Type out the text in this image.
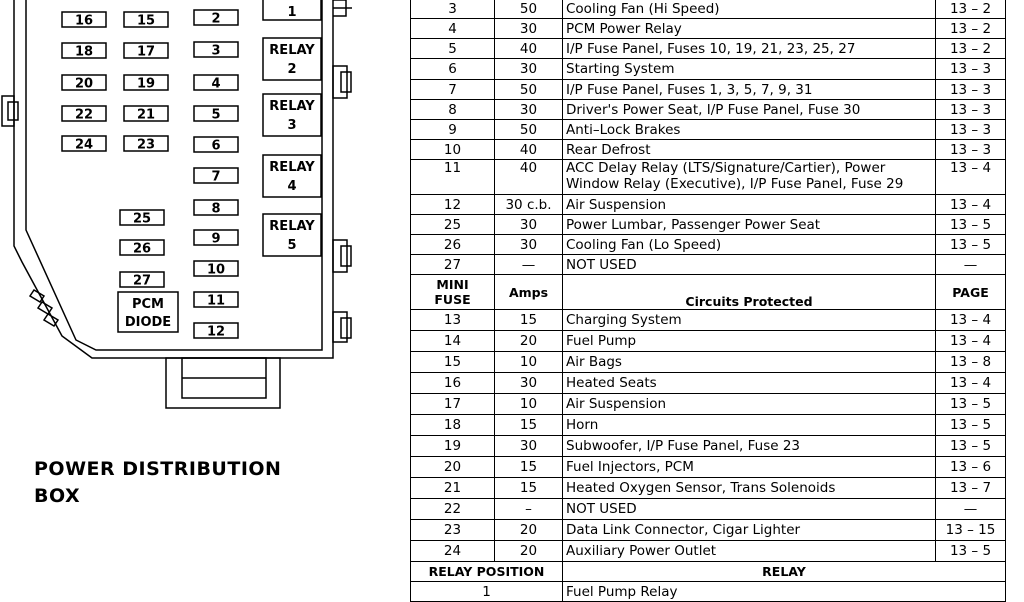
16	15	2
18	17	3
20	19	4
22	21	5
24	23	6
7
8
25
9
26
10
27
11
12
1
RELAY
2
RELAY
3
RELAY
4
RELAY
5
PCM
DIODE
POWER DISTRIBUTION
BOX
3	50	Cooling Fan (Hi Speed)	13 – 2
4	30	PCM Power Relay	13 – 2
5	40	I/P Fuse Panel, Fuses 10, 19, 21, 23, 25, 27	13 – 2
6	30	Starting System	13 – 3
7	50	I/P Fuse Panel, Fuses 1, 3, 5, 7, 9, 31	13 – 3
8	30	Driver's Power Seat, I/P Fuse Panel, Fuse 30	13 – 3
9	50	Anti–Lock Brakes	13 – 3
10	40	Rear Defrost	13 – 3
11	40	ACC Delay Relay (LTS/Signature/Cartier), Power
Window Relay (Executive), I/P Fuse Panel, Fuse 29	13 – 4
12	30 c.b.	Air Suspension	13 – 4
25	30	Power Lumbar, Passenger Power Seat	13 – 5
26	30	Cooling Fan (Lo Speed)	13 – 5
27	—	NOT USED	—

MINI
FUSE	Amps	Circuits Protected	PAGE
13	15	Charging System	13 – 4
14	20	Fuel Pump	13 – 4
15	10	Air Bags	13 – 8
16	30	Heated Seats	13 – 4
17	10	Air Suspension	13 – 5
18	15	Horn	13 – 5
19	30	Subwoofer, I/P Fuse Panel, Fuse 23	13 – 5
20	15	Fuel Injectors, PCM	13 – 6
21	15	Heated Oxygen Sensor, Trans Solenoids	13 – 7
22	–	NOT USED	—
23	20	Data Link Connector, Cigar Lighter	13 – 15
24	20	Auxiliary Power Outlet	13 – 5
RELAY POSITION		RELAY	
1		Fuel Pump Relay	
